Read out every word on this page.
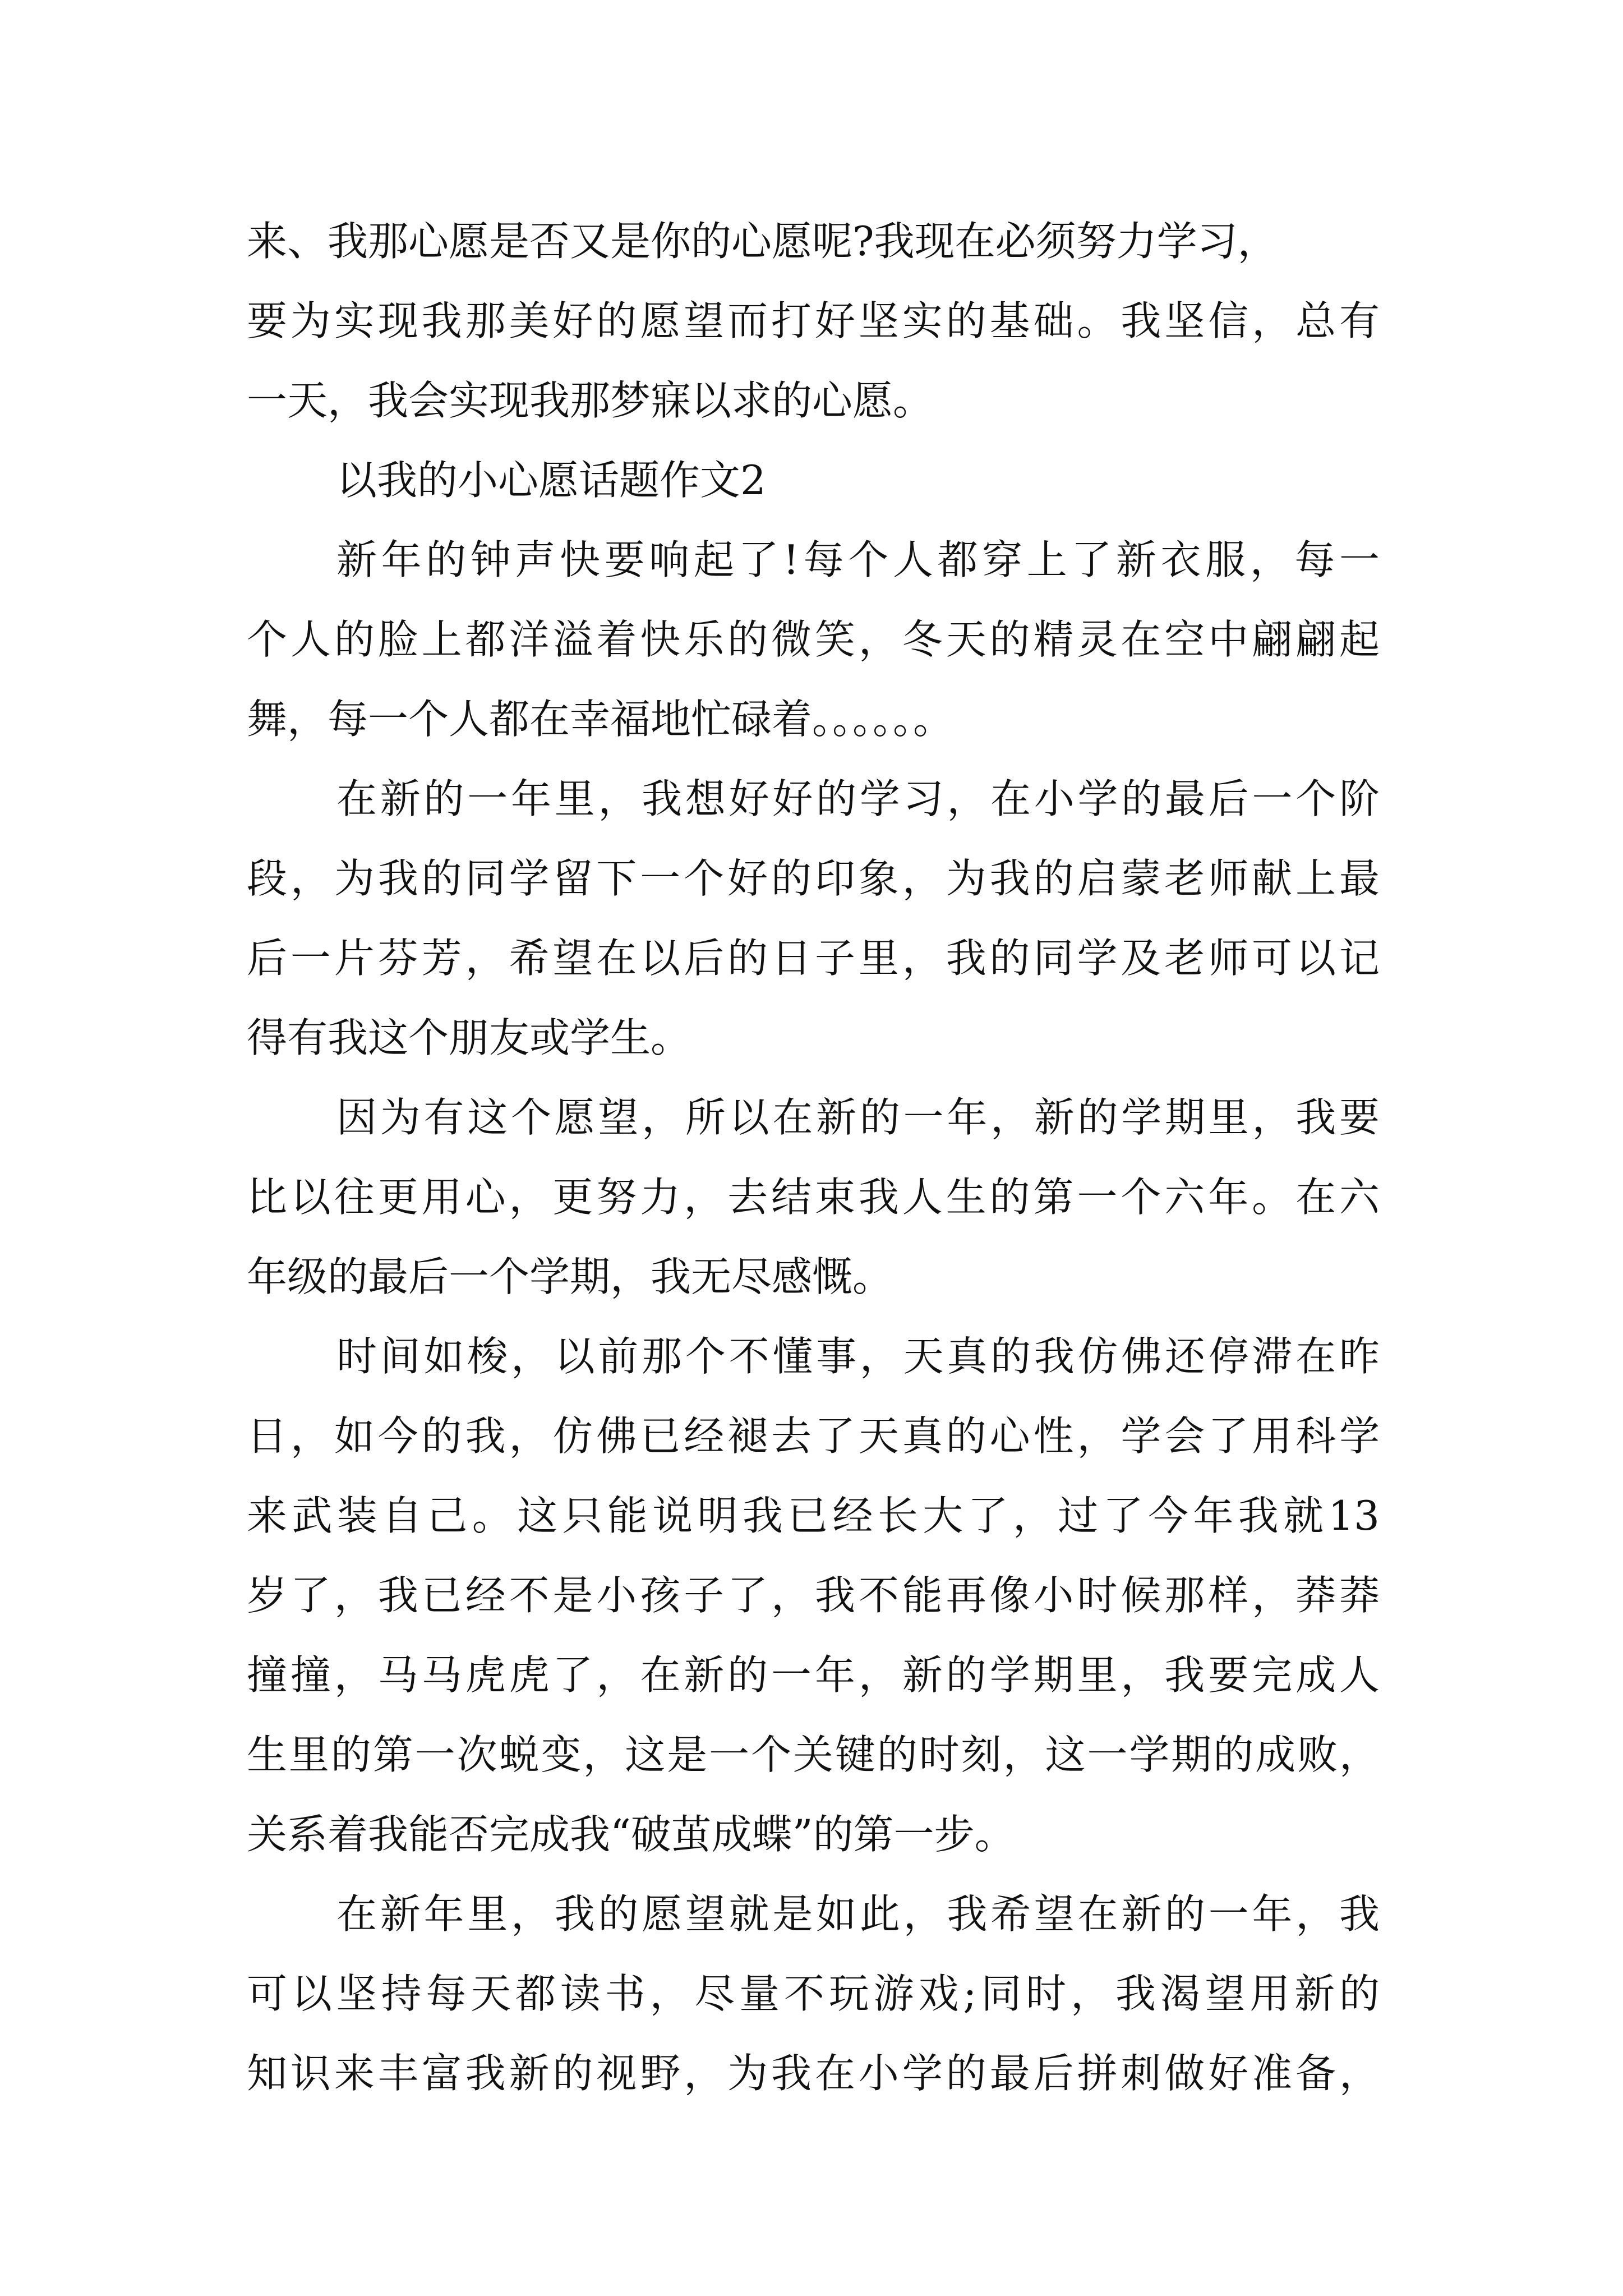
来、我那心愿是否又是你的心愿呢?我现在必须努力学习，
要为实现我那美好的愿望而打好坚实的基础。我坚信，总有
一天，我会实现我那梦寐以求的心愿。
以我的小心愿话题作文2
新年的钟声快要响起了!每个人都穿上了新衣服，每一
个人的脸上都洋溢着快乐的微笑，冬天的精灵在空中翩翩起
舞，每一个人都在幸福地忙碌着。。。。。。
在新的一年里，我想好好的学习，在小学的最后一个阶
段，为我的同学留下一个好的印象，为我的启蒙老师献上最
后一片芬芳，希望在以后的日子里，我的同学及老师可以记
得有我这个朋友或学生。
因为有这个愿望，所以在新的一年，新的学期里，我要
比以往更用心，更努力，去结束我人生的第一个六年。在六
年级的最后一个学期，我无尽感慨。
时间如梭，以前那个不懂事，天真的我仿佛还停滞在昨
日，如今的我，仿佛已经褪去了天真的心性，学会了用科学
来武装自己。这只能说明我已经长大了，过了今年我就13
岁了，我已经不是小孩子了，我不能再像小时候那样，莽莽
撞撞，马马虎虎了，在新的一年，新的学期里，我要完成人
生里的第一次蜕变，这是一个关键的时刻，这一学期的成败，
关系着我能否完成我“破茧成蝶”的第一步。
在新年里，我的愿望就是如此，我希望在新的一年，我
可以坚持每天都读书，尽量不玩游戏;同时，我渴望用新的
知识来丰富我新的视野，为我在小学的最后拼刺做好准备，
